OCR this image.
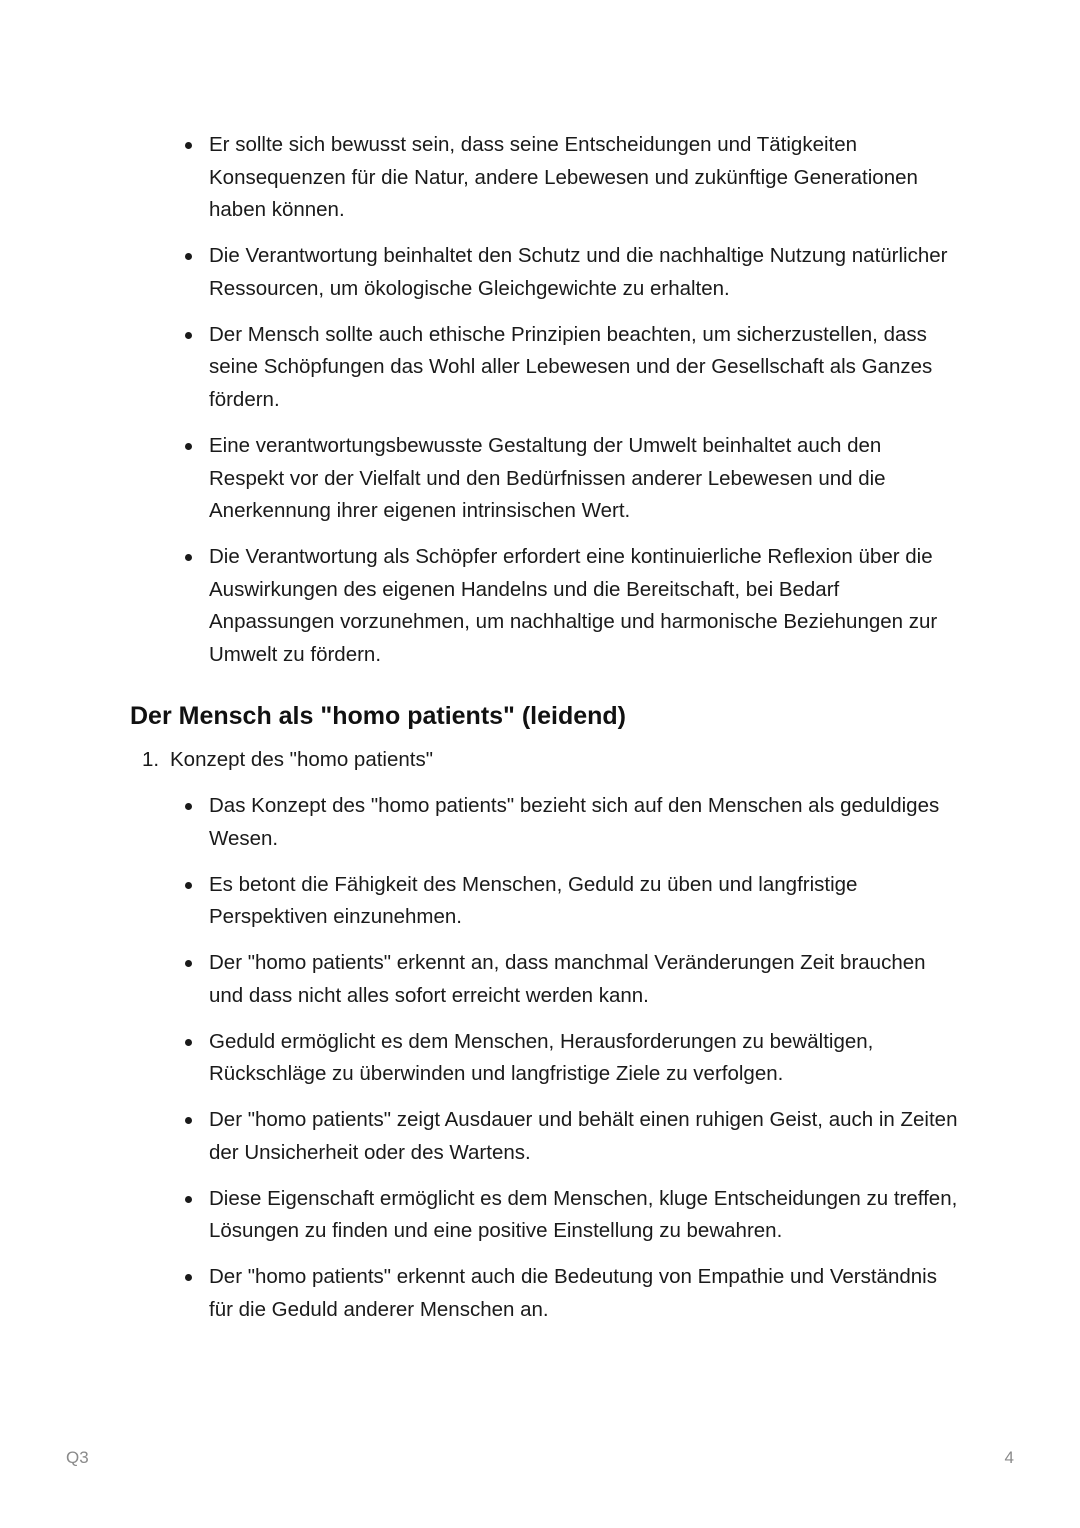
Er sollte sich bewusst sein, dass seine Entscheidungen und Tätigkeiten Konsequenzen für die Natur, andere Lebewesen und zukünftige Generationen haben können.
Die Verantwortung beinhaltet den Schutz und die nachhaltige Nutzung natürlicher Ressourcen, um ökologische Gleichgewichte zu erhalten.
Der Mensch sollte auch ethische Prinzipien beachten, um sicherzustellen, dass seine Schöpfungen das Wohl aller Lebewesen und der Gesellschaft als Ganzes fördern.
Eine verantwortungsbewusste Gestaltung der Umwelt beinhaltet auch den Respekt vor der Vielfalt und den Bedürfnissen anderer Lebewesen und die Anerkennung ihrer eigenen intrinsischen Wert.
Die Verantwortung als Schöpfer erfordert eine kontinuierliche Reflexion über die Auswirkungen des eigenen Handelns und die Bereitschaft, bei Bedarf Anpassungen vorzunehmen, um nachhaltige und harmonische Beziehungen zur Umwelt zu fördern.
Der Mensch als "homo patients" (leidend)
1. Konzept des "homo patients"
Das Konzept des "homo patients" bezieht sich auf den Menschen als geduldiges Wesen.
Es betont die Fähigkeit des Menschen, Geduld zu üben und langfristige Perspektiven einzunehmen.
Der "homo patients" erkennt an, dass manchmal Veränderungen Zeit brauchen und dass nicht alles sofort erreicht werden kann.
Geduld ermöglicht es dem Menschen, Herausforderungen zu bewältigen, Rückschläge zu überwinden und langfristige Ziele zu verfolgen.
Der "homo patients" zeigt Ausdauer und behält einen ruhigen Geist, auch in Zeiten der Unsicherheit oder des Wartens.
Diese Eigenschaft ermöglicht es dem Menschen, kluge Entscheidungen zu treffen, Lösungen zu finden und eine positive Einstellung zu bewahren.
Der "homo patients" erkennt auch die Bedeutung von Empathie und Verständnis für die Geduld anderer Menschen an.
Q3	4
